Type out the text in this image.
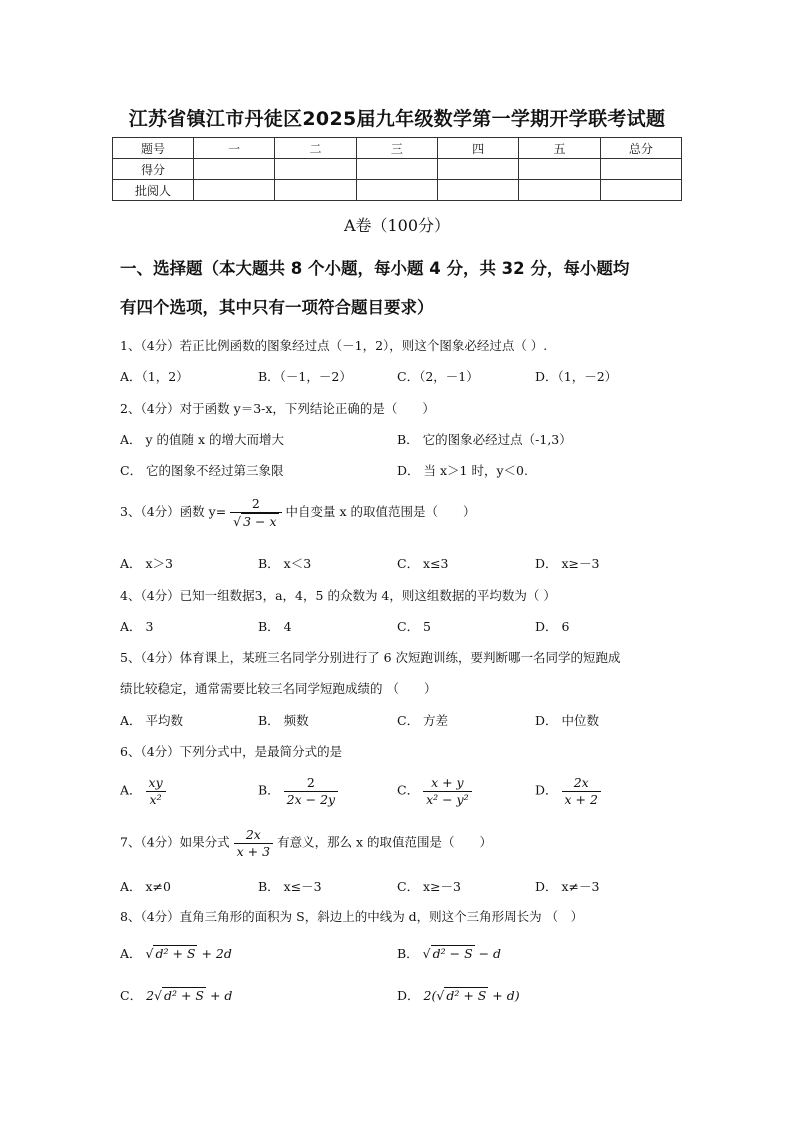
江苏省镇江市丹徒区2025届九年级数学第一学期开学联考试题
题号	一	二	三	四	五	总分
得分						
批阅人						
A卷（100分）
一、选择题（本大题共 8 个小题，每小题 4 分，共 32 分，每小题均
有四个选项，其中只有一项符合题目要求）
1、（4分）若正比例函数的图象经过点（－1，2），则这个图象必经过点（ ）.
A．（1，2）	B．（－1，－2）	C．（2，－1）	D．（1，－2）
2、（4分）对于函数 y＝3-x，下列结论正确的是（　　）
A． y 的值随 x 的增大而增大	B． 它的图象必经过点（-1,3）
C． 它的图象不经过第三象限	D． 当 x＞1 时，y＜0.
3、（4分）函数 $y= \frac{2}{√ 3 - x}$ 中自变量 x 的取值范围是（　　）
A． x＞3	B． x＜3	C． x≤3	D． x≥－3
4、（4分）已知一组数据3，a，4，5 的众数为 4，则这组数据的平均数为（ ）
A． 3	B． 4	C． 5	D． 6
5、（4分）体育课上，某班三名同学分别进行了 6 次短跑训练，要判断哪一名同学的短跑成
绩比较稳定，通常需要比较三名同学短跑成绩的 （　　）
A． 平均数	B． 频数	C． 方差	D． 中位数
6、（4分）下列分式中，是最简分式的是
A． $\frac{xy}{\text{x²}}$	B． $\frac{2}{2x - 2y}$	C． $\frac{x + y}{\text{x² − y²}}$	D． $\frac{2x}{x + 2}$
7、（4分）如果分式 $\frac{2x}{x + 3}$ 有意义，那么 x 的取值范围是（　　）
A． x≠0	B． x≤－3	C． x≥－3	D． x≠－3
8、（4分）直角三角形的面积为 S，斜边上的中线为 d，则这个三角形周长为 （　）
A． √ d² + S + 2d	B． √ d² − S − d
C． 2√ d² + S + d	D． 2(√ d² + S + d)
